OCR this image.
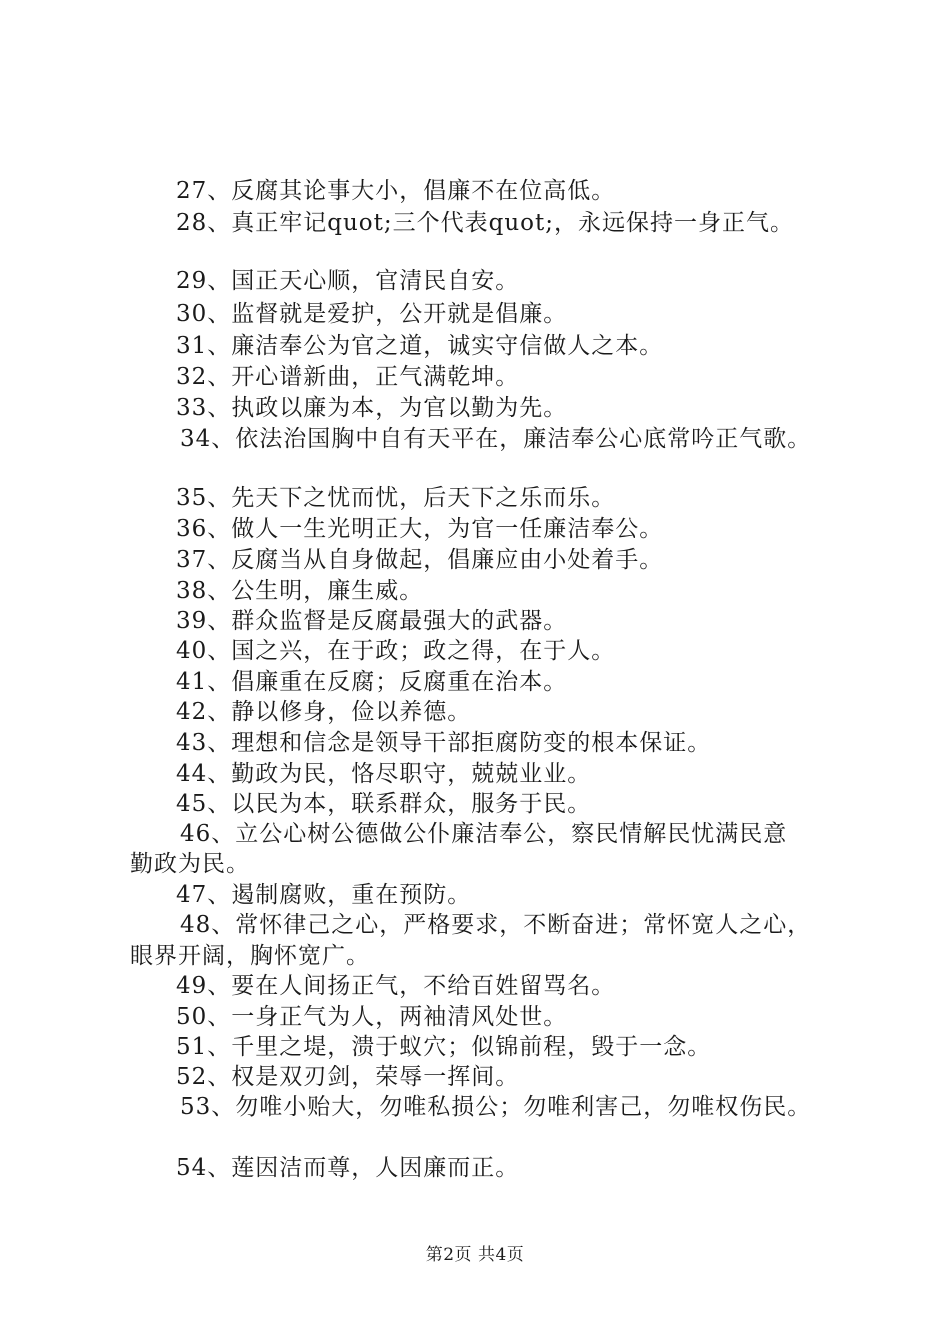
27、反腐其论事大小，倡廉不在位高低。
28、真正牢记quot;三个代表quot;，永远保持一身正气。
29、国正天心顺，官清民自安。
30、监督就是爱护，公开就是倡廉。
31、廉洁奉公为官之道，诚实守信做人之本。
32、开心谱新曲，正气满乾坤。
33、执政以廉为本，为官以勤为先。
34、依法治国胸中自有天平在，廉洁奉公心底常吟正气歌。
35、先天下之忧而忧，后天下之乐而乐。
36、做人一生光明正大，为官一任廉洁奉公。
37、反腐当从自身做起，倡廉应由小处着手。
38、公生明，廉生威。
39、群众监督是反腐最强大的武器。
40、国之兴，在于政；政之得，在于人。
41、倡廉重在反腐；反腐重在治本。
42、静以修身，俭以养德。
43、理想和信念是领导干部拒腐防变的根本保证。
44、勤政为民，恪尽职守，兢兢业业。
45、以民为本，联系群众，服务于民。
46、立公心树公德做公仆廉洁奉公，察民情解民忧满民意
勤政为民。
47、遏制腐败，重在预防。
48、常怀律己之心，严格要求，不断奋进；常怀宽人之心，
眼界开阔，胸怀宽广。
49、要在人间扬正气，不给百姓留骂名。
50、一身正气为人，两袖清风处世。
51、千里之堤，溃于蚁穴；似锦前程，毁于一念。
52、权是双刃剑，荣辱一挥间。
53、勿唯小贻大，勿唯私损公；勿唯利害己，勿唯权伤民。
54、莲因洁而尊，人因廉而正。
第2页 共4页
